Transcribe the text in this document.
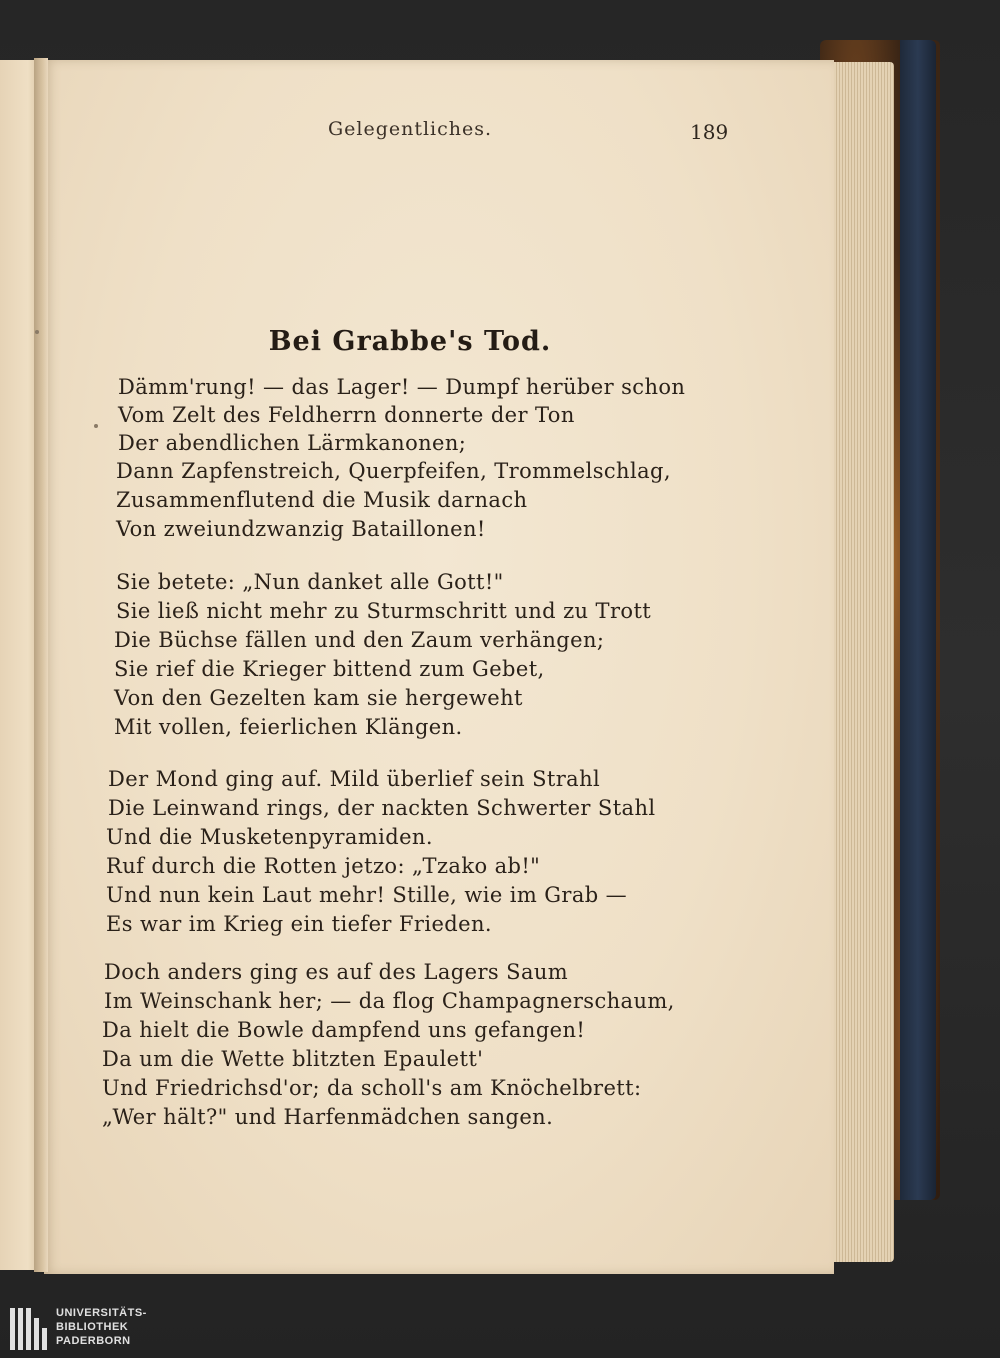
Gelegentliches.	189
Bei Grabbe's Tod.
Dämm'rung! — das Lager! — Dumpf herüber schon
Vom Zelt des Feldherrn donnerte der Ton
Der abendlichen Lärmkanonen;
Dann Zapfenstreich, Querpfeifen, Trommelschlag,
Zusammenflutend die Musik darnach
Von zweiundzwanzig Bataillonen!
Sie betete: „Nun danket alle Gott!"
Sie ließ nicht mehr zu Sturmschritt und zu Trott
Die Büchse fällen und den Zaum verhängen;
Sie rief die Krieger bittend zum Gebet,
Von den Gezelten kam sie hergeweht
Mit vollen, feierlichen Klängen.
Der Mond ging auf. Mild überlief sein Strahl
Die Leinwand rings, der nackten Schwerter Stahl
Und die Musketenpyramiden.
Ruf durch die Rotten jetzo: „Tzako ab!"
Und nun kein Laut mehr! Stille, wie im Grab —
Es war im Krieg ein tiefer Frieden.
Doch anders ging es auf des Lagers Saum
Im Weinschank her; — da flog Champagnerschaum,
Da hielt die Bowle dampfend uns gefangen!
Da um die Wette blitzten Epaulett'
Und Friedrichsd'or; da scholl's am Knöchelbrett:
„Wer hält?" und Harfenmädchen sangen.
UNIVERSITÄTS-
BIBLIOTHEK
PADERBORN
